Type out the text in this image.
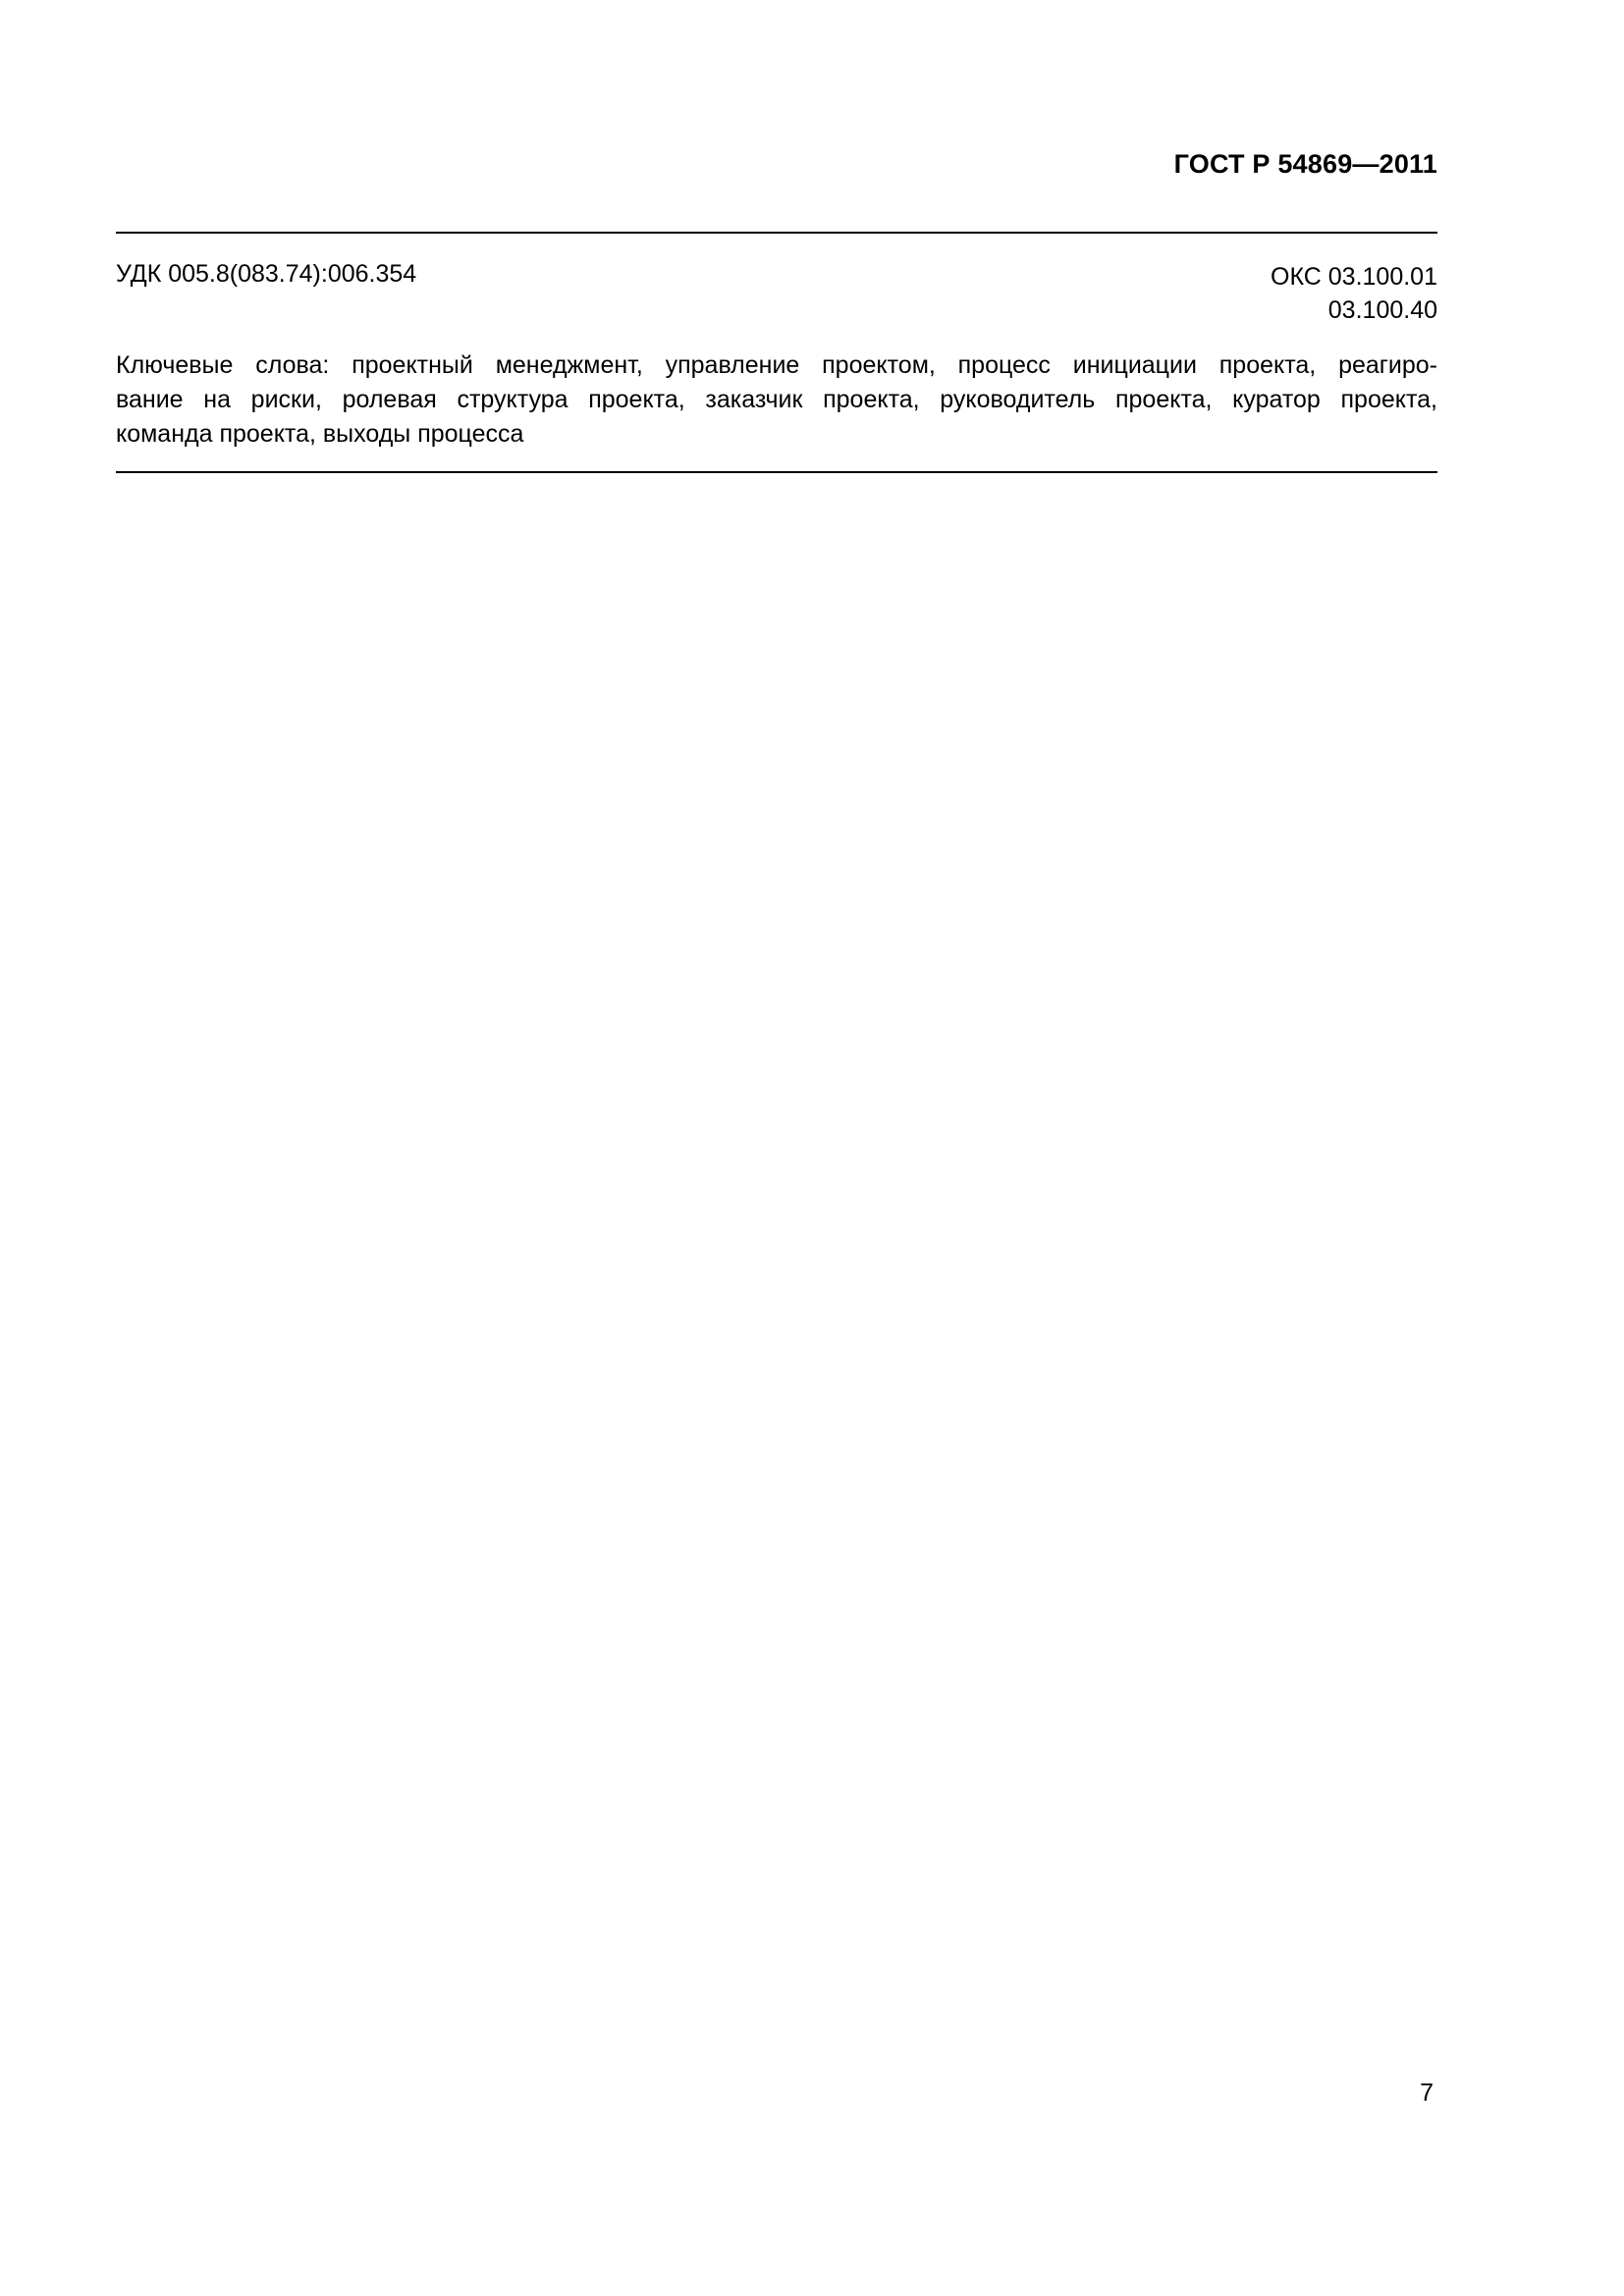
ГОСТ Р 54869—2011
УДК 005.8(083.74):006.354	ОКС 03.100.01
03.100.40
Ключевые слова: проектный менеджмент, управление проектом, процесс инициации проекта, реагиро-
вание на риски, ролевая структура проекта, заказчик проекта, руководитель проекта, куратор проекта,
команда проекта, выходы процесса
7
